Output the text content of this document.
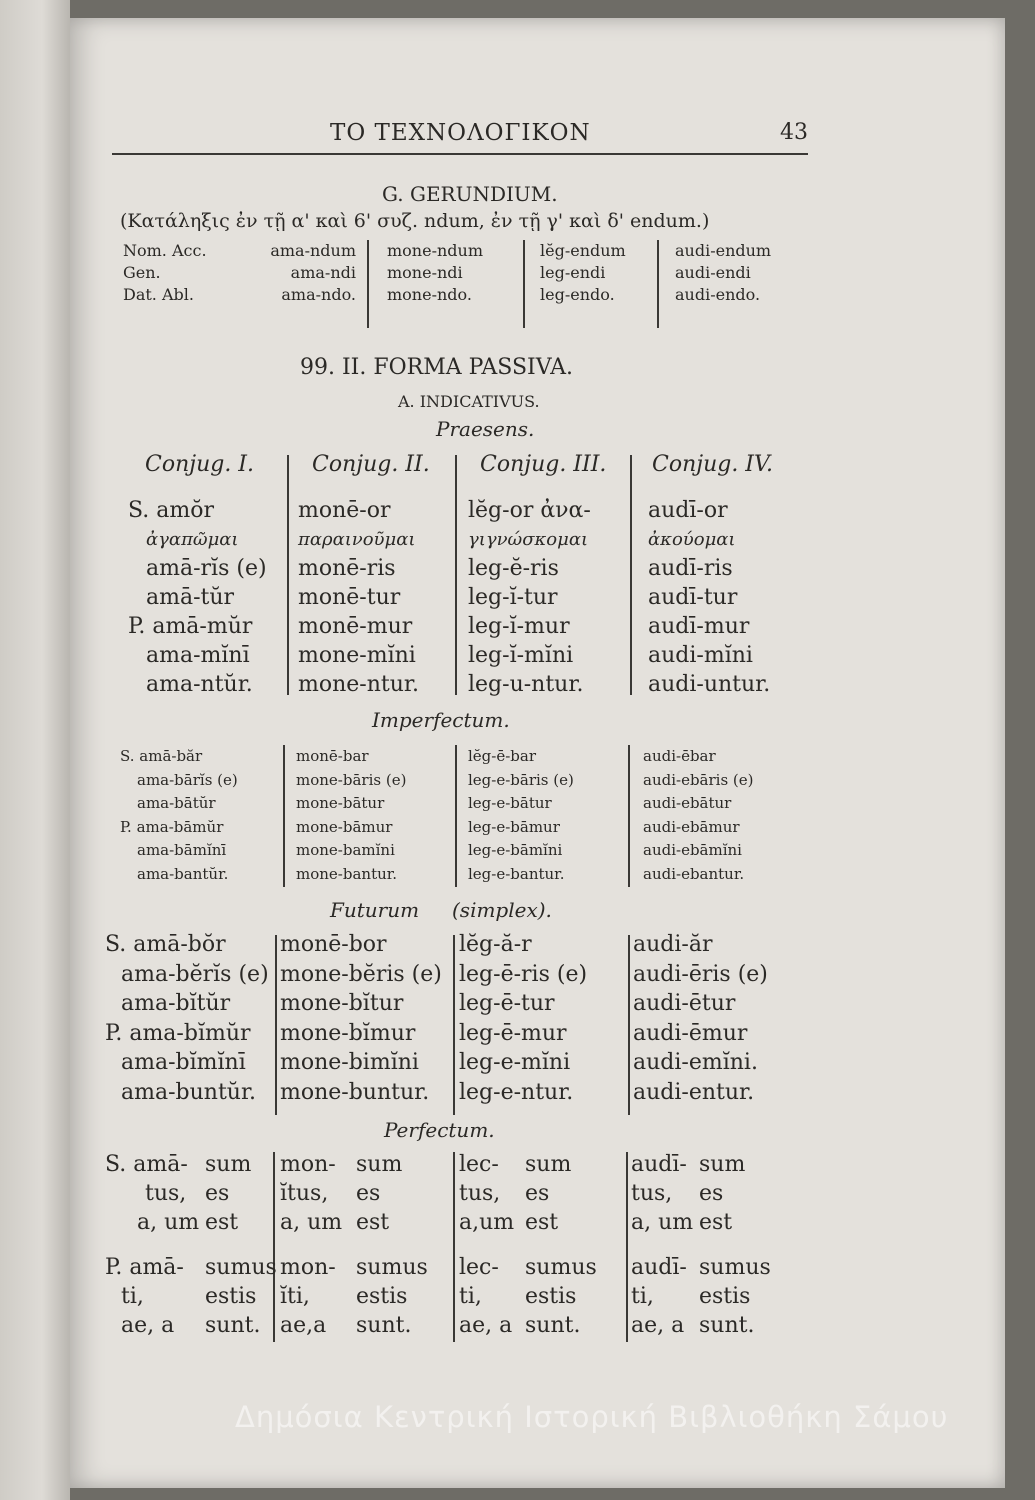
ΤΟ ΤΕΧΝΟΛΟΓΙΚΟΝ	43
G. GERUNDIUM.
(Κατάληξις ἐν τῇ α' καὶ 6' συζ. ndum, ἐν τῇ γ' καὶ δ' endum.)
Nom. Acc.
Gen.
Dat. Abl.
ama-ndum
ama-ndi
ama-ndo.
mone-ndum
mone-ndi
mone-ndo.
lĕg-endum
leg-endi
leg-endo.
audi-endum
audi-endi
audi-endo.
99. II. FORMA PASSIVA.
A. INDICATIVUS.
Praesens.
Conjug. I.	Conjug. II. Conjug. III. Conjug. IV.
S. amŏr
ἀγαπῶμαι
amā-rĭs (e)
amā-tŭr
P. amā-mŭr
ama-mĭnī
ama-ntŭr.
monē-or
παραινοῦμαι
monē-ris
monē-tur
monē-mur
mone-mĭni
mone-ntur.
lĕg-or ἀνα-
γιγνώσκομαι
leg-ĕ-ris
leg-ĭ-tur
leg-ĭ-mur
leg-ĭ-mĭni
leg-u-ntur.
audī-or
ἀκούομαι
audī-ris
audī-tur
audī-mur
audi-mĭni
audi-untur.
Imperfectum.
S. amā-băr
ama-bārĭs (e)
ama-bātŭr
P. ama-bāmŭr
ama-bāmĭnī
ama-bantŭr.
monē-bar
mone-bāris (e)
mone-bātur
mone-bāmur
mone-bamĭni
mone-bantur.
lĕg-ē-bar
leg-e-bāris (e)
leg-e-bātur
leg-e-bāmur
leg-e-bāmĭni
leg-e-bantur.
audi-ēbar
audi-ebāris (e)
audi-ebātur
audi-ebāmur
audi-ebāmĭni
audi-ebantur.
Futurum (simplex).
S. amā-bŏr
ama-bĕrĭs (e)
ama-bĭtŭr
P. ama-bĭmŭr
ama-bĭmĭnī
ama-buntŭr.
monē-bor
mone-bĕris (e)
mone-bĭtur
mone-bĭmur
mone-bimĭni
mone-buntur.
lĕg-ă-r
leg-ē-ris (e)
leg-ē-tur
leg-ē-mur
leg-e-mĭni
leg-e-ntur.
audi-ăr
audi-ēris (e)
audi-ētur
audi-ēmur
audi-emĭni.
audi-entur.
Perfectum.
S. amā-
tus,
a, um
sum
es
est
P. amā-
ti,
ae, a
sumus
estis
sunt.
mon-
ĭtus,
a, um
sum
es
est
mon-
ĭti,
ae,a
sumus
estis
sunt.
lec-
tus,
a,um
sum
es
est
lec-
ti,
ae, a
sumus
estis
sunt.
audī-
tus,
a, um
sum
es
est
audī-
ti,
ae, a
sumus
estis
sunt.
Δημόσια Κεντρική Ιστορική Βιβλιοθήκη Σάμου
